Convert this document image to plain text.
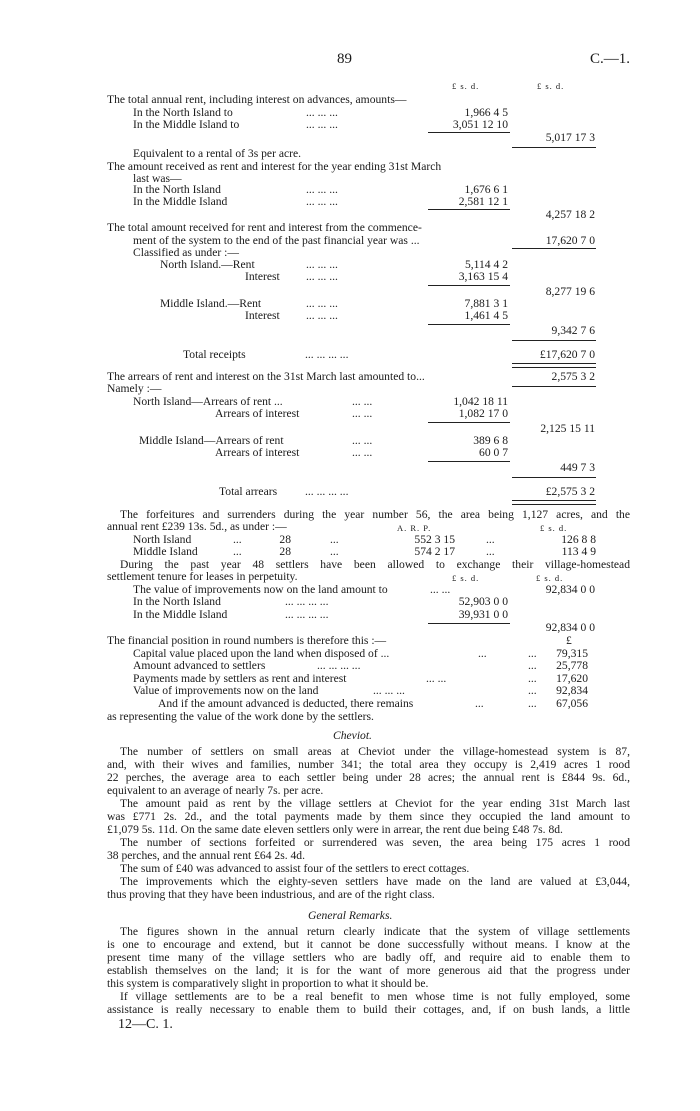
89	C.—1.
£ s. d.	£ s. d.
The total annual rent, including interest on advances, amounts—
In the North Island to	... ... ...	1,966 4 5
In the Middle Island to	... ... ...	3,051 12 10
5,017 17 3
Equivalent to a rental of 3s per acre.
The amount received as rent and interest for the year ending 31st March
last was—
In the North Island	... ... ...	1,676 6 1
In the Middle Island	... ... ...	2,581 12 1
4,257 18 2
The total amount received for rent and interest from the commence-
ment of the system to the end of the past financial year was ...	17,620 7 0
Classified as under :—
North Island.—Rent	... ... ...	5,114 4 2
Interest ... ... ...	3,163 15 4
8,277 19 6
Middle Island.—Rent	... ... ...	7,881 3 1
Interest ... ... ...	1,461 4 5
9,342 7 6
Total receipts	... ... ... ...	£17,620 7 0
The arrears of rent and interest on the 31st March last amounted to...	2,575 3 2
Namely :—
North Island—Arrears of rent ...	... ...	1,042 18 11
Arrears of interest	... ...	1,082 17 0
2,125 15 11
Middle Island—Arrears of rent	... ...	389 6 8
Arrears of interest	... ...	60 0 7
449 7 3
Total arrears ... ... ... ...	£2,575 3 2
The forfeitures and surrenders during the year number 56, the area being 1,127 acres, and the
annual rent £239 13s. 5d., as under :—	A. R. P.	£ s. d.
North Island	...	28	...	552 3 15	...	126 8 8
Middle Island	...	28	...	574 2 17	...	113 4 9
During the past year 48 settlers have been allowed to exchange their village-homestead
settlement tenure for leases in perpetuity.	£ s. d.	£ s. d.
The value of improvements now on the land amount to	... ...	92,834 0 0
In the North Island	... ... ... ...	52,903 0 0
In the Middle Island	... ... ... ...	39,931 0 0
92,834 0 0
The financial position in round numbers is therefore this :—	£
Capital value placed upon the land when disposed of ...	...	...	79,315
Amount advanced to settlers	... ... ... ...	...	25,778
Payments made by settlers as rent and interest	... ...	...	17,620
Value of improvements now on the land	... ... ...	...	92,834
And if the amount advanced is deducted, there remains	...	...	67,056
as representing the value of the work done by the settlers.
Cheviot.
The number of settlers on small areas at Cheviot under the village-homestead system is 87,
and, with their wives and families, number 341; the total area they occupy is 2,419 acres 1 rood
22 perches, the average area to each settler being under 28 acres; the annual rent is £844 9s. 6d.,
equivalent to an average of nearly 7s. per acre.
The amount paid as rent by the village settlers at Cheviot for the year ending 31st March last
was £771 2s. 2d., and the total payments made by them since they occupied the land amount to
£1,079 5s. 11d. On the same date eleven settlers only were in arrear, the rent due being £48 7s. 8d.
The number of sections forfeited or surrendered was seven, the area being 175 acres 1 rood
38 perches, and the annual rent £64 2s. 4d.
The sum of £40 was advanced to assist four of the settlers to erect cottages.
The improvements which the eighty-seven settlers have made on the land are valued at £3,044,
thus proving that they have been industrious, and are of the right class.
General Remarks.
The figures shown in the annual return clearly indicate that the system of village settlements
is one to encourage and extend, but it cannot be done successfully without means. I know at the
present time many of the village settlers who are badly off, and require aid to enable them to
establish themselves on the land; it is for the want of more generous aid that the progress under
this system is comparatively slight in proportion to what it should be.
If village settlements are to be a real benefit to men whose time is not fully employed, some
assistance is really necessary to enable them to build their cottages, and, if on bush lands, a little
12—C. 1.
